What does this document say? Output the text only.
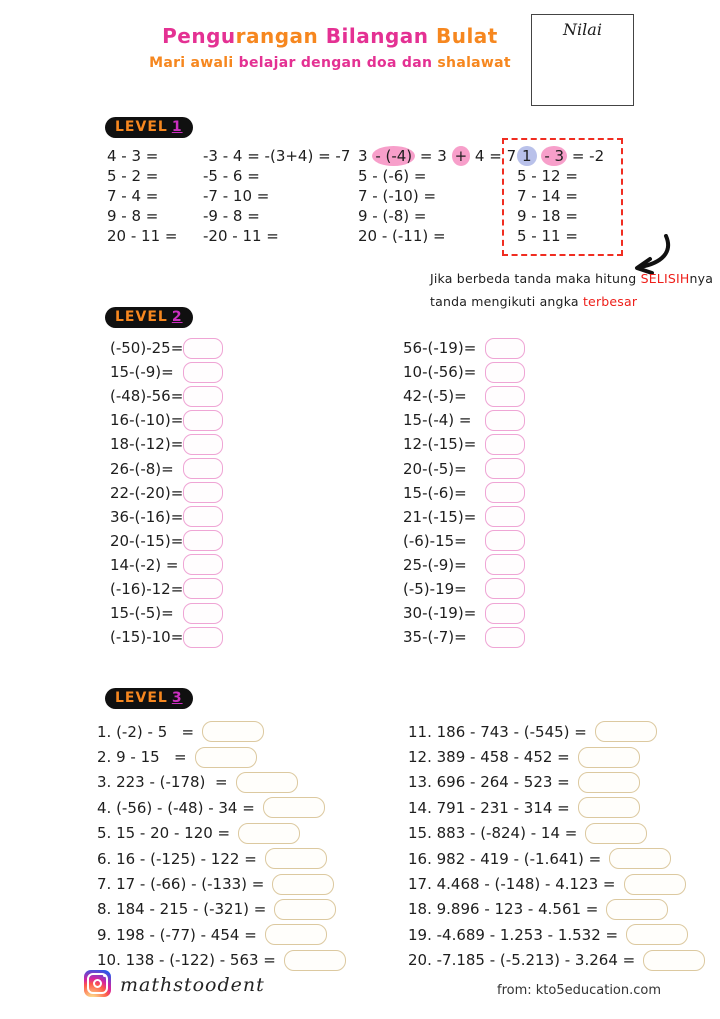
Pengurangan Bilangan Bulat
Mari awali belajar dengan doa dan shalawat
Nilai
LEVEL 1
4 - 3 =
5 - 2 =
7 - 4 =
9 - 8 =
20 - 11 =
-3 - 4 = -(3+4) = -7
-5 - 6 =
-7 - 10 =
-9 - 8 =
-20 - 11 =
3 - (-4) = 3 + 4 = 7
5 - (-6) =
7 - (-10) =
9 - (-8) =
20 - (-11) =
1 - 3 = -2
5 - 12 =
7 - 14 =
9 - 18 =
5 - 11 =
Jika berbeda tanda maka hitung SELISIHnya
tanda mengikuti angka terbesar
LEVEL 2
(-50)-25=
15-(-9)=
(-48)-56=
16-(-10)=
18-(-12)=
26-(-8)=
22-(-20)=
36-(-16)=
20-(-15)=
14-(-2) =
(-16)-12=
15-(-5)=
(-15)-10=
56-(-19)=
10-(-56)=
42-(-5)=
15-(-4) =
12-(-15)=
20-(-5)=
15-(-6)=
21-(-15)=
(-6)-15=
25-(-9)=
(-5)-19=
30-(-19)=
35-(-7)=
LEVEL 3
1. (-2) - 5   =
2. 9 - 15   =
3. 223 - (-178)  =
4. (-56) - (-48) - 34 =
5. 15 - 20 - 120 =
6. 16 - (-125) - 122 =
7. 17 - (-66) - (-133) =
8. 184 - 215 - (-321) =
9. 198 - (-77) - 454 =
10. 138 - (-122) - 563 =
11. 186 - 743 - (-545) =
12. 389 - 458 - 452 =
13. 696 - 264 - 523 =
14. 791 - 231 - 314 =
15. 883 - (-824) - 14 =
16. 982 - 419 - (-1.641) =
17. 4.468 - (-148) - 4.123 =
18. 9.896 - 123 - 4.561 =
19. -4.689 - 1.253 - 1.532 =
20. -7.185 - (-5.213) - 3.264 =
mathstoodent	from: kto5education.com
